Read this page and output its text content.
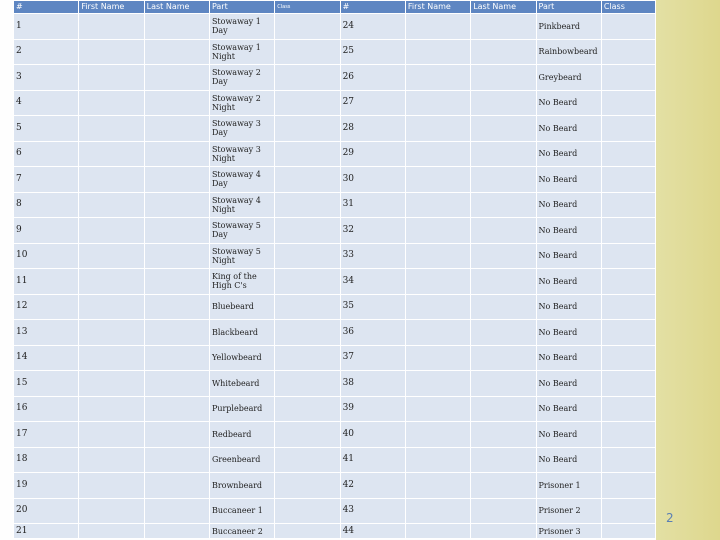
#	First Name	Last Name	Part	Class	#	First Name	Last Name	Part	Class
1			Stowaway 1 Day		24			Pinkbeard	
2			Stowaway 1 Night		25			Rainbowbeard	
3			Stowaway 2 Day		26			Greybeard	
4			Stowaway 2 Night		27			No Beard	
5			Stowaway 3 Day		28			No Beard	
6			Stowaway 3 Night		29			No Beard	
7			Stowaway 4 Day		30			No Beard	
8			Stowaway 4 Night		31			No Beard	
9			Stowaway 5 Day		32			No Beard	
10			Stowaway 5 Night		33			No Beard	
11			King of the High C's		34			No Beard	
12			Bluebeard		35			No Beard	
13			Blackbeard		36			No Beard	
14			Yellowbeard		37			No Beard	
15			Whitebeard		38			No Beard	
16			Purplebeard		39			No Beard	
17			Redbeard		40			No Beard	
18			Greenbeard		41			No Beard	
19			Brownbeard		42			Prisoner 1	
20			Buccaneer 1		43			Prisoner 2	
21			Buccaneer 2		44			Prisoner 3	
2
